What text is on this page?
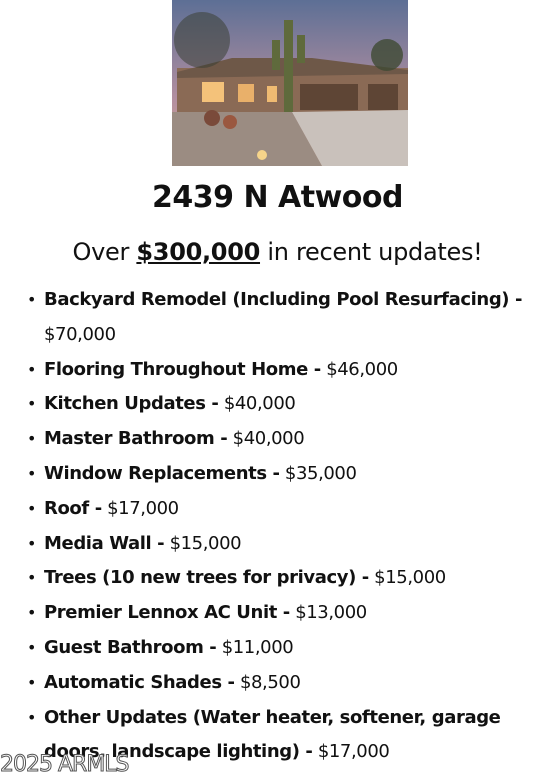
2439 N Atwood
Over $300,000 in recent updates!
• Backyard Remodel (Including Pool Resurfacing) - $70,000
• Flooring Throughout Home - $46,000
• Kitchen Updates - $40,000
• Master Bathroom - $40,000
• Window Replacements - $35,000
• Roof - $17,000
• Media Wall - $15,000
• Trees (10 new trees for privacy) - $15,000
• Premier Lennox AC Unit - $13,000
• Guest Bathroom - $11,000
• Automatic Shades - $8,500
• Other Updates (Water heater, softener, garage doors, landscape lighting) - $17,000
2025 ARMLS
